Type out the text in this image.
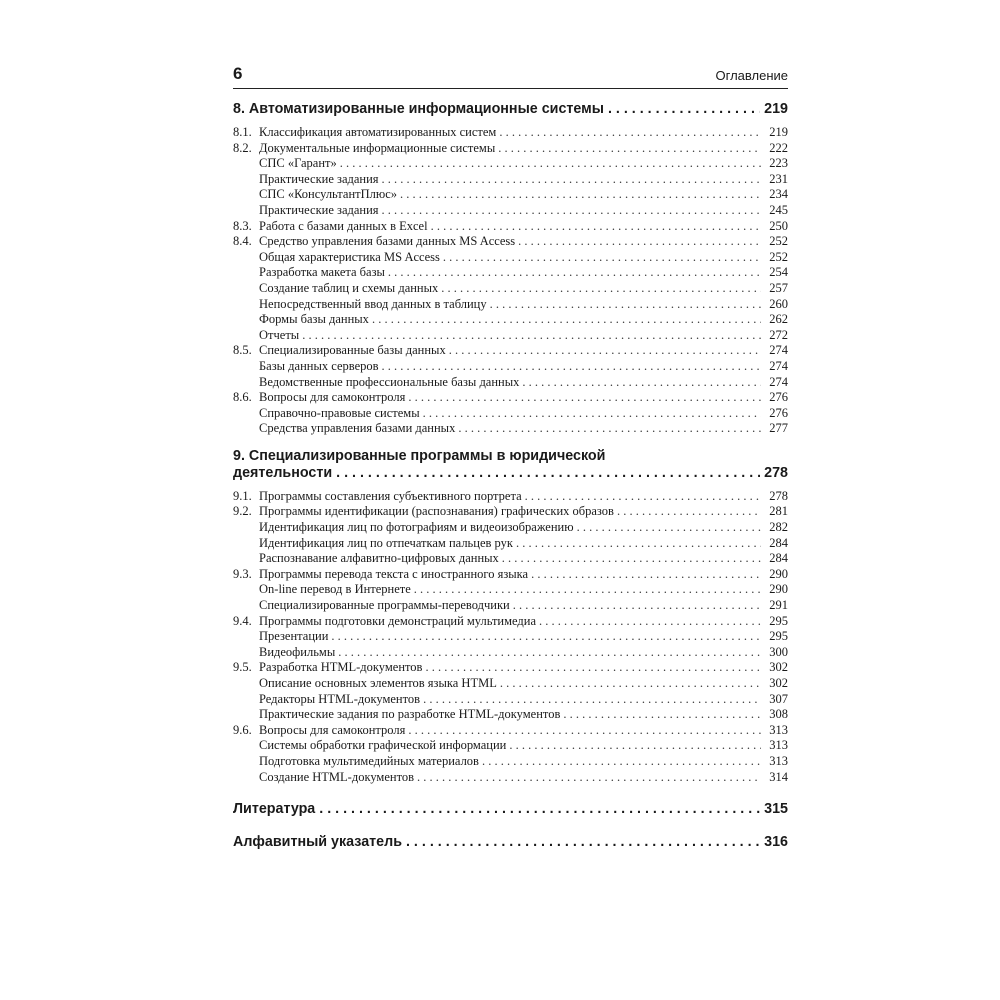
6	Оглавление
8. Автоматизированные информационные системы . . .	219
8.1. Классификация автоматизированных систем . . .	219
8.2. Документальные информационные системы . . .	222
СПС «Гарант» . . .	223
Практические задания . . .	231
СПС «КонсультантПлюс» . . .	234
Практические задания . . .	245
8.3. Работа с базами данных в Excel . . .	250
8.4. Средство управления базами данных MS Access . . .	252
Общая характеристика MS Access . . .	252
Разработка макета базы . . .	254
Создание таблиц и схемы данных . . .	257
Непосредственный ввод данных в таблицу . . .	260
Формы базы данных . . .	262
Отчеты . . .	272
8.5. Специализированные базы данных . . .	274
Базы данных серверов . . .	274
Ведомственные профессиональные базы данных . . .	274
8.6. Вопросы для самоконтроля . . .	276
Справочно-правовые системы . . .	276
Средства управления базами данных . . .	277
9. Специализированные программы в юридической
деятельности . . .	278
9.1. Программы составления субъективного портрета . . .	278
9.2. Программы идентификации (распознавания) графических образов . . .	281
Идентификация лиц по фотографиям и видеоизображению . . .	282
Идентификация лиц по отпечаткам пальцев рук . . .	284
Распознавание алфавитно-цифровых данных . . .	284
9.3. Программы перевода текста с иностранного языка . . .	290
On-line перевод в Интернете . . .	290
Специализированные программы-переводчики . . .	291
9.4. Программы подготовки демонстраций мультимедиа . . .	295
Презентации . . .	295
Видеофильмы . . .	300
9.5. Разработка HTML-документов . . .	302
Описание основных элементов языка HTML . . .	302
Редакторы HTML-документов . . .	307
Практические задания по разработке HTML-документов . . .	308
9.6. Вопросы для самоконтроля . . .	313
Системы обработки графической информации . . .	313
Подготовка мультимедийных материалов . . .	313
Создание HTML-документов . . .	314
Литература . . .	315
Алфавитный указатель . . .	316
